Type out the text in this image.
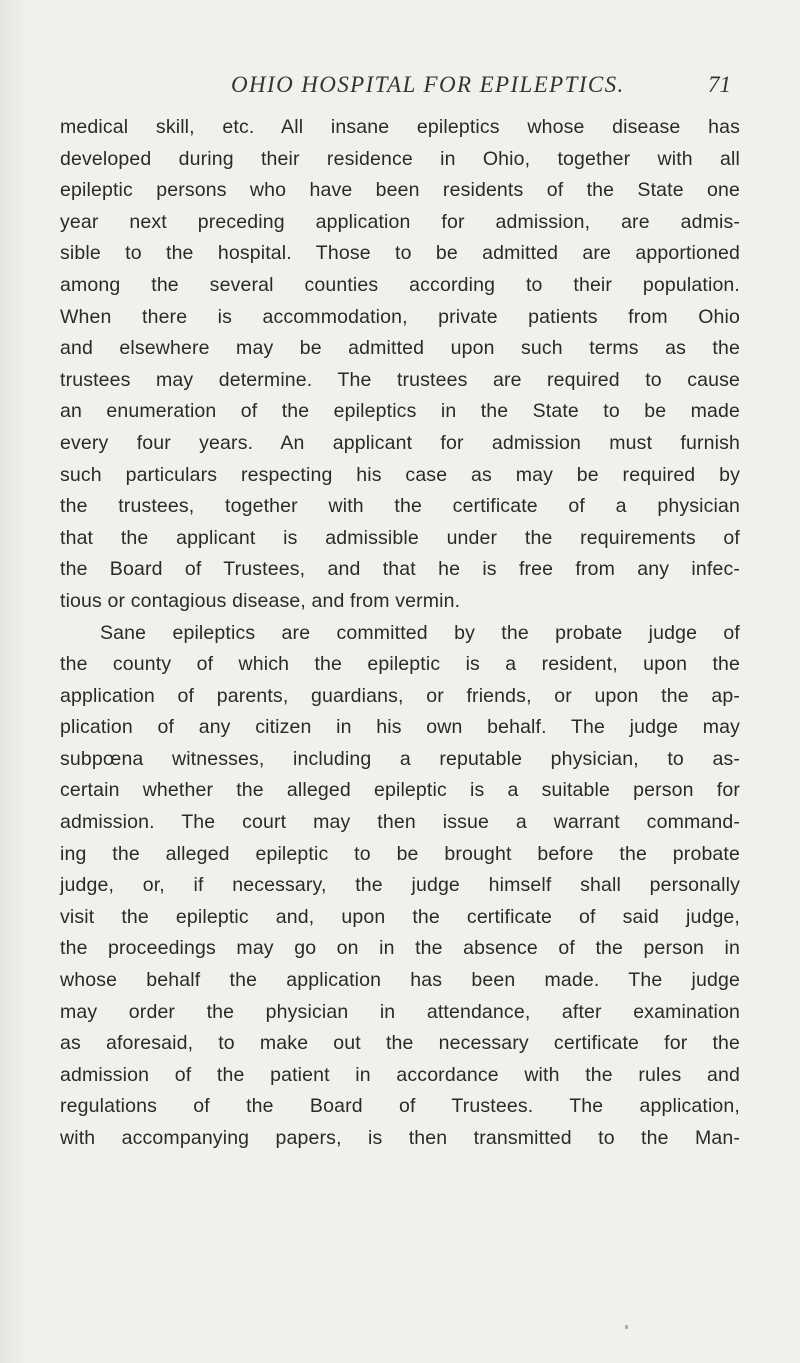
OHIO HOSPITAL FOR EPILEPTICS.	71
medical skill, etc. All insane epileptics whose disease has
developed during their residence in Ohio, together with all
epileptic persons who have been residents of the State one
year next preceding application for admission, are admis-
sible to the hospital. Those to be admitted are apportioned
among the several counties according to their population.
When there is accommodation, private patients from Ohio
and elsewhere may be admitted upon such terms as the
trustees may determine. The trustees are required to cause
an enumeration of the epileptics in the State to be made
every four years. An applicant for admission must furnish
such particulars respecting his case as may be required by
the trustees, together with the certificate of a physician
that the applicant is admissible under the requirements of
the Board of Trustees, and that he is free from any infec-
tious or contagious disease, and from vermin.
Sane epileptics are committed by the probate judge of
the county of which the epileptic is a resident, upon the
application of parents, guardians, or friends, or upon the ap-
plication of any citizen in his own behalf. The judge may
subpœna witnesses, including a reputable physician, to as-
certain whether the alleged epileptic is a suitable person for
admission. The court may then issue a warrant command-
ing the alleged epileptic to be brought before the probate
judge, or, if necessary, the judge himself shall personally
visit the epileptic and, upon the certificate of said judge,
the proceedings may go on in the absence of the person in
whose behalf the application has been made. The judge
may order the physician in attendance, after examination
as aforesaid, to make out the necessary certificate for the
admission of the patient in accordance with the rules and
regulations of the Board of Trustees. The application,
with accompanying papers, is then transmitted to the Man-
